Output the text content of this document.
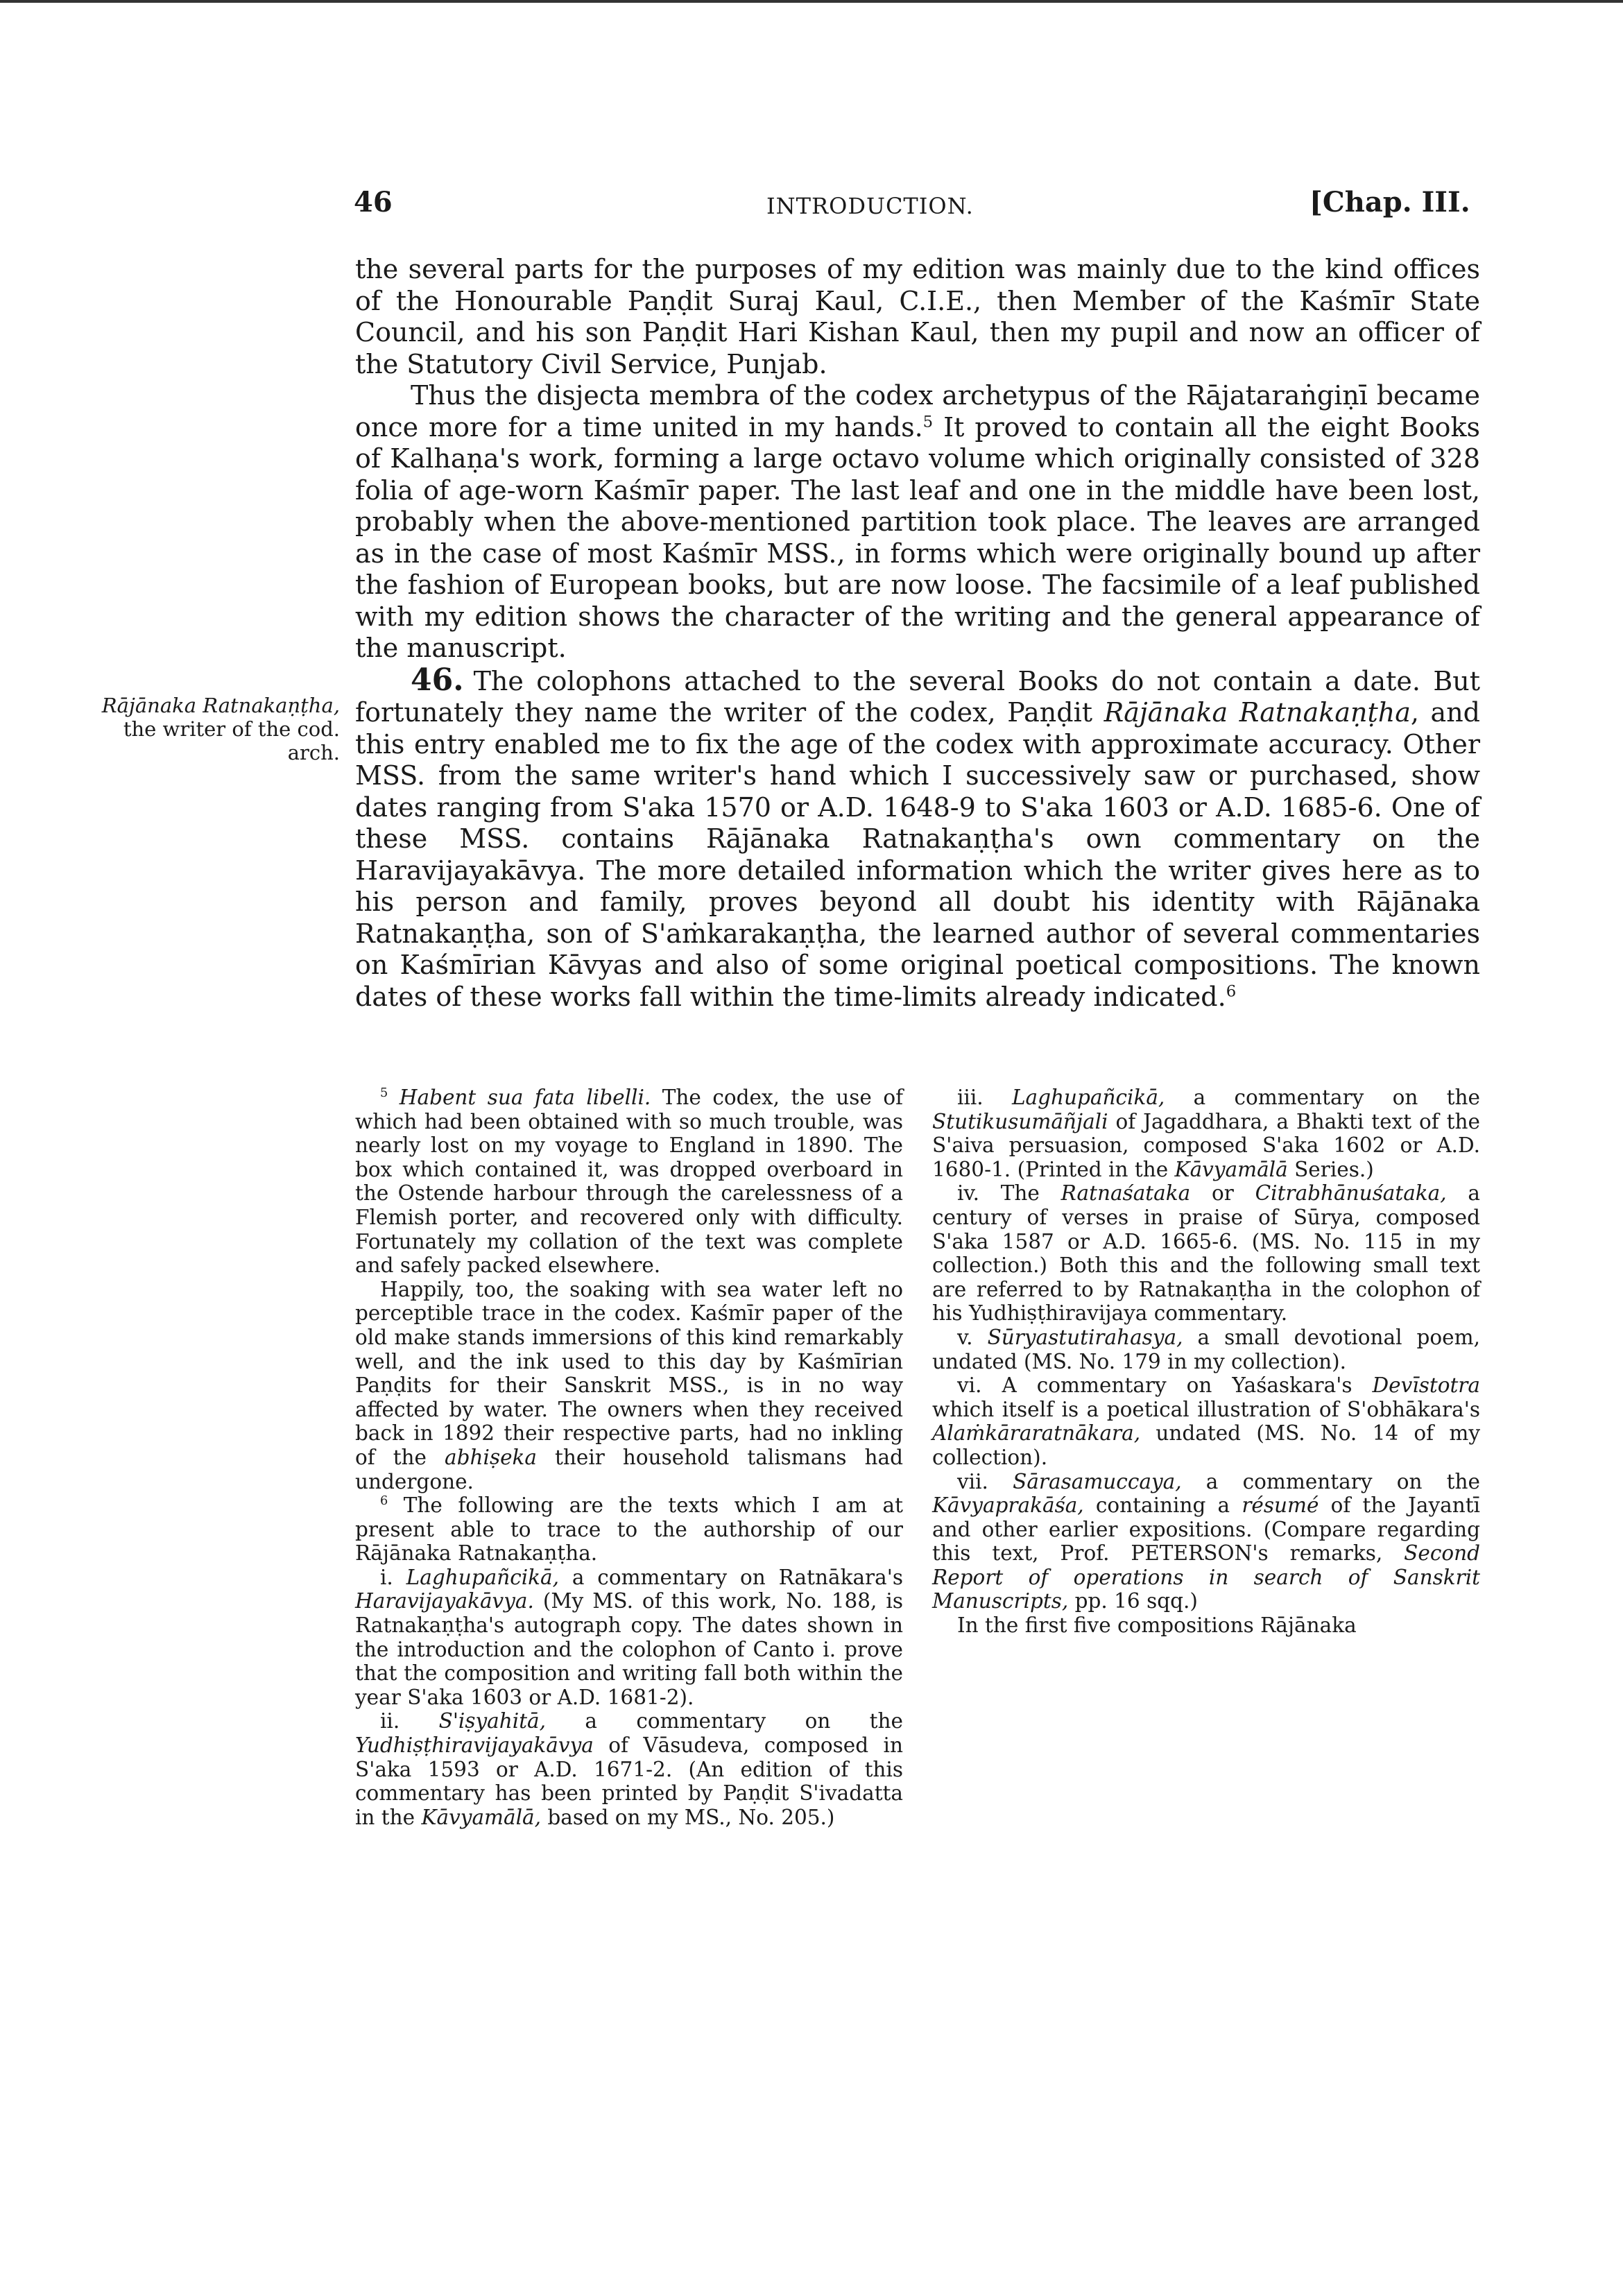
46	INTRODUCTION.	[Chap. III.
Rājānaka Ratnakaṇṭha, the writer of the cod. arch.

the several parts for the purposes of my edition was mainly due to the kind offices of the Honourable Paṇḍit Suraj Kaul, C.I.E., then Member of the Kaśmīr State Council, and his son Paṇḍit Hari Kishan Kaul, then my pupil and now an officer of the Statutory Civil Service, Punjab.

Thus the disjecta membra of the codex archetypus of the Rājataraṅgiṇī became once more for a time united in my hands.$^5$ It proved to contain all the eight Books of Kalhaṇa's work, forming a large octavo volume which originally consisted of 328 folia of age-worn Kaśmīr paper. The last leaf and one in the middle have been lost, probably when the above-mentioned partition took place. The leaves are arranged as in the case of most Kaśmīr MSS., in forms which were originally bound up after the fashion of European books, but are now loose. The facsimile of a leaf published with my edition shows the character of the writing and the general appearance of the manuscript.

46. The colophons attached to the several Books do not contain a date. But fortunately they name the writer of the codex, Paṇḍit Rājānaka Ratnakaṇṭha, and this entry enabled me to fix the age of the codex with approximate accuracy. Other MSS. from the same writer's hand which I successively saw or purchased, show dates ranging from S'aka 1570 or A.D. 1648-9 to S'aka 1603 or A.D. 1685-6. One of these MSS. contains Rājānaka Ratnakaṇṭha's own commentary on the Haravijayakāvya. The more detailed information which the writer gives here as to his person and family, proves beyond all doubt his identity with Rājānaka Ratnakaṇṭha, son of S'aṁkarakaṇṭha, the learned author of several commentaries on Kaśmīrian Kāvyas and also of some original poetical compositions. The known dates of these works fall within the time-limits already indicated.$^6$

$^5$ Habent sua fata libelli. The codex, the use of which had been obtained with so much trouble, was nearly lost on my voyage to England in 1890. The box which contained it, was dropped overboard in the Ostende harbour through the carelessness of a Flemish porter, and recovered only with difficulty. Fortunately my collation of the text was complete and safely packed elsewhere.

Happily, too, the soaking with sea water left no perceptible trace in the codex. Kaśmīr paper of the old make stands immersions of this kind remarkably well, and the ink used to this day by Kaśmīrian Paṇḍits for their Sanskrit MSS., is in no way affected by water. The owners when they received back in 1892 their respective parts, had no inkling of the abhiṣeka their household talismans had undergone.

$^6$ The following are the texts which I am at present able to trace to the authorship of our Rājānaka Ratnakaṇṭha.

i. Laghupañcikā, a commentary on Ratnākara's Haravijayakāvya. (My MS. of this work, No. 188, is Ratnakaṇṭha's autograph copy. The dates shown in the introduction and the colophon of Canto i. prove that the composition and writing fall both within the year S'aka 1603 or A.D. 1681-2).

ii. S'iṣyahitā, a commentary on the Yudhiṣṭhiravijayakāvya of Vāsudeva, composed in S'aka 1593 or A.D. 1671-2. (An edition of this commentary has been printed by Paṇḍit S'ivadatta in the Kāvyamālā, based on my MS., No. 205.)

iii. Laghupañcikā, a commentary on the Stutikusumāñjali of Jagaddhara, a Bhakti text of the S'aiva persuasion, composed S'aka 1602 or A.D. 1680-1. (Printed in the Kāvyamālā Series.)

iv. The Ratnaśataka or Citrabhānuśataka, a century of verses in praise of Sūrya, composed S'aka 1587 or A.D. 1665-6. (MS. No. 115 in my collection.) Both this and the following small text are referred to by Ratnakaṇṭha in the colophon of his Yudhiṣṭhiravijaya commentary.

v. Sūryastutirahasya, a small devotional poem, undated (MS. No. 179 in my collection).

vi. A commentary on Yaśaskara's Devīstotra which itself is a poetical illustration of S'obhākara's Alaṁkāraratnākara, undated (MS. No. 14 of my collection).

vii. Sārasamuccaya, a commentary on the Kāvyaprakāśa, containing a résumé of the Jayantī and other earlier expositions. (Compare regarding this text, Prof. PETERSON's remarks, Second Report of operations in search of Sanskrit Manuscripts, pp. 16 sqq.)

In the first five compositions Rājānaka
